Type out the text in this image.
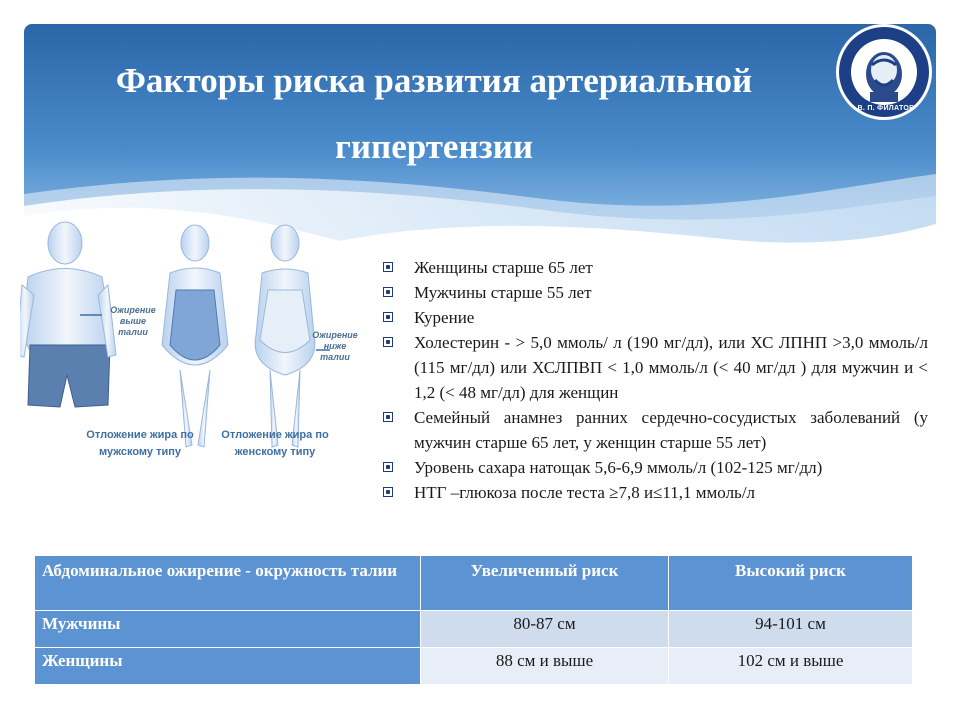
Факторы риска развития артериальной гипертензии
В. П. ФИЛАТОВ
Ожирение выше талии	Ожирение ниже талии
Отложение жира по мужскому типу
Отложение жира по женскому типу
Женщины старше 65 лет
Мужчины старше 55 лет
Курение
Холестерин - > 5,0 ммоль/ л (190 мг/дл), или ХС ЛПНП >3,0 ммоль/л (115 мг/дл) или ХСЛПВП < 1,0 ммоль/л (< 40 мг/дл ) для мужчин и < 1,2 (< 48 мг/дл) для женщин
Семейный анамнез ранних сердечно-сосудистых заболеваний (у мужчин старше 65 лет, у женщин старше 55 лет)
Уровень сахара натощак 5,6-6,9 ммоль/л (102-125 мг/дл)
НТГ –глюкоза после теста ≥7,8 и≤11,1 ммоль/л
Абдоминальное ожирение - окружность талии	Увеличенный риск	Высокий риск
Мужчины	80-87 см	94-101 см
Женщины	88 см и выше	102 см и выше
